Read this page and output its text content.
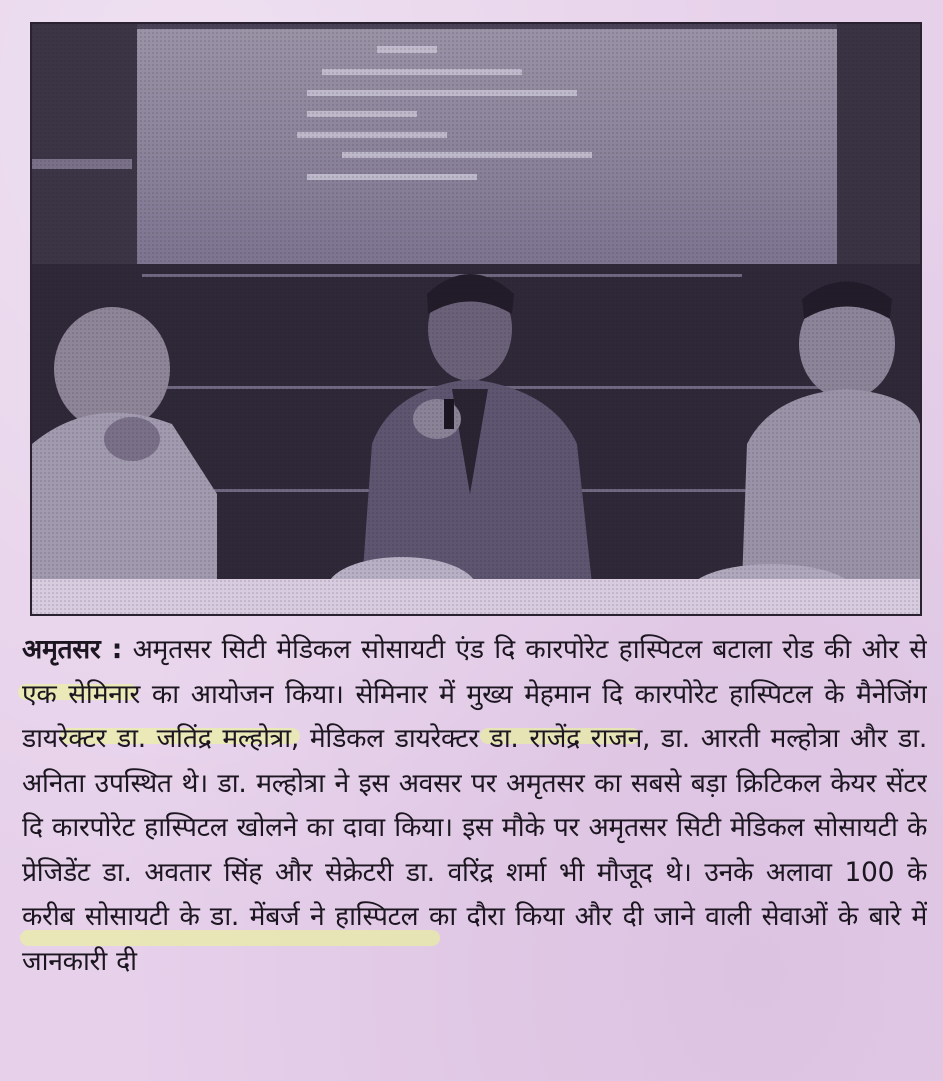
अमृतसर : अमृतसर सिटी मेडिकल सोसायटी एंड दि कारपोरेट हास्पिटल बटाला रोड की ओर से एक सेमिनार का आयोजन किया। सेमिनार में मुख्य मेहमान दि कारपोरेट हास्पिटल के मैनेजिंग डायरेक्टर डा. जतिंद्र मल्होत्रा, मेडिकल डायरेक्टर डा. राजेंद्र राजन, डा. आरती मल्होत्रा और डा. अनिता उपस्थित थे। डा. मल्होत्रा ने इस अवसर पर अमृतसर का सबसे बड़ा क्रिटिकल केयर सेंटर दि कारपोरेट हास्पिटल खोलने का दावा किया। इस मौके पर अमृतसर सिटी मेडिकल सोसायटी के प्रेजिडेंट डा. अवतार सिंह और सेक्रेटरी डा. वरिंद्र शर्मा भी मौजूद थे। उनके अलावा 100 के करीब सोसायटी के डा. मेंबर्ज ने हास्पिटल का दौरा किया और दी जाने वाली सेवाओं के बारे में जानकारी दी
